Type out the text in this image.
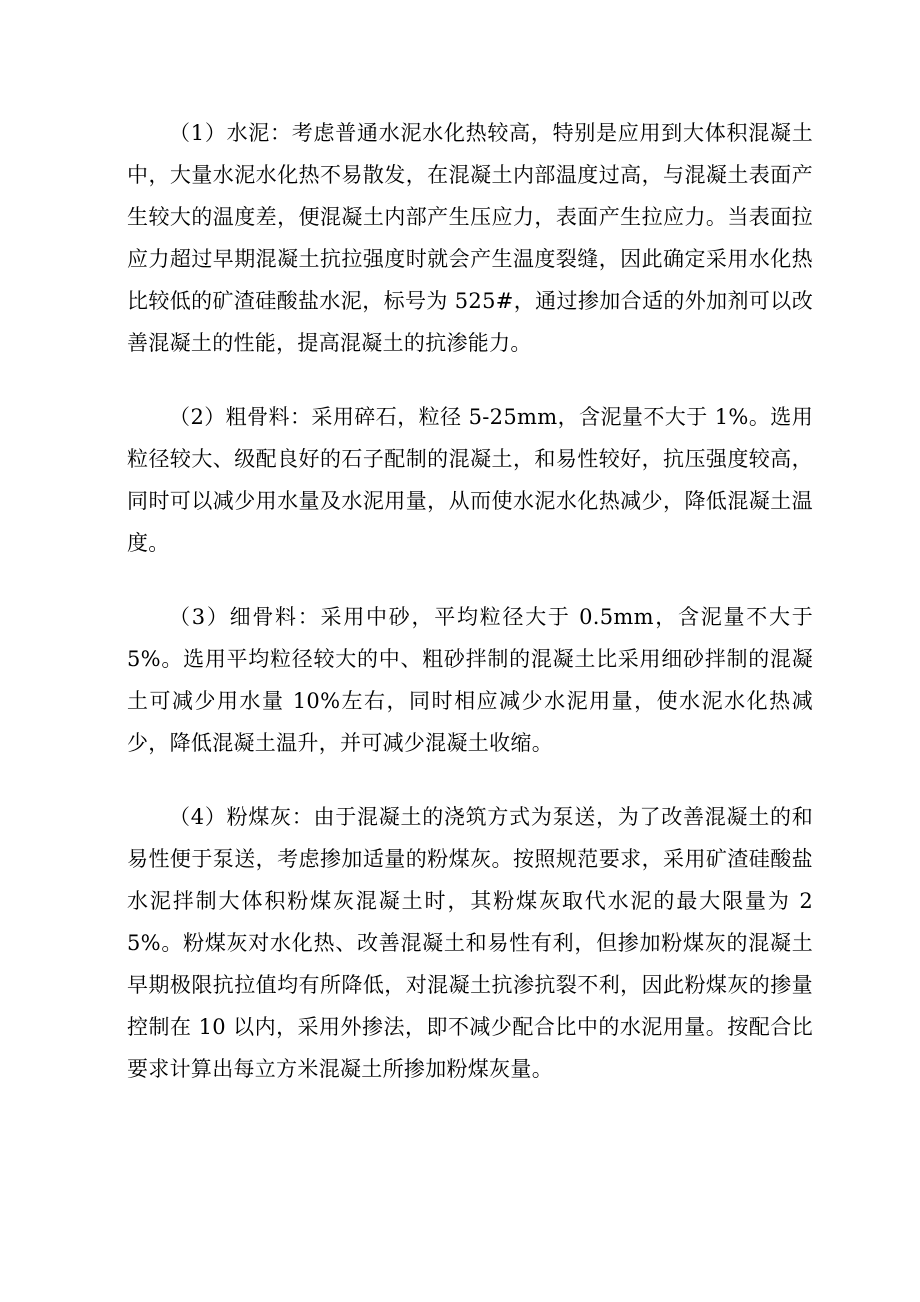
（1）水泥：考虑普通水泥水化热较高，特别是应用到大体积混凝土中，大量水泥水化热不易散发，在混凝土内部温度过高，与混凝土表面产生较大的温度差，便混凝土内部产生压应力，表面产生拉应力。当表面拉应力超过早期混凝土抗拉强度时就会产生温度裂缝，因此确定采用水化热比较低的矿渣硅酸盐水泥，标号为 525#，通过掺加合适的外加剂可以改善混凝土的性能，提高混凝土的抗渗能力。

（2）粗骨料：采用碎石，粒径 5-25mm，含泥量不大于 1%。选用粒径较大、级配良好的石子配制的混凝土，和易性较好，抗压强度较高，同时可以减少用水量及水泥用量，从而使水泥水化热减少，降低混凝土温度。

（3）细骨料：采用中砂，平均粒径大于 0.5mm，含泥量不大于 5%。选用平均粒径较大的中、粗砂拌制的混凝土比采用细砂拌制的混凝土可减少用水量 10%左右，同时相应减少水泥用量，使水泥水化热减少，降低混凝土温升，并可减少混凝土收缩。

（4）粉煤灰：由于混凝土的浇筑方式为泵送，为了改善混凝土的和易性便于泵送，考虑掺加适量的粉煤灰。按照规范要求，采用矿渣硅酸盐水泥拌制大体积粉煤灰混凝土时，其粉煤灰取代水泥的最大限量为 25%。粉煤灰对水化热、改善混凝土和易性有利，但掺加粉煤灰的混凝土早期极限抗拉值均有所降低，对混凝土抗渗抗裂不利，因此粉煤灰的掺量控制在 10 以内，采用外掺法，即不减少配合比中的水泥用量。按配合比要求计算出每立方米混凝土所掺加粉煤灰量。
